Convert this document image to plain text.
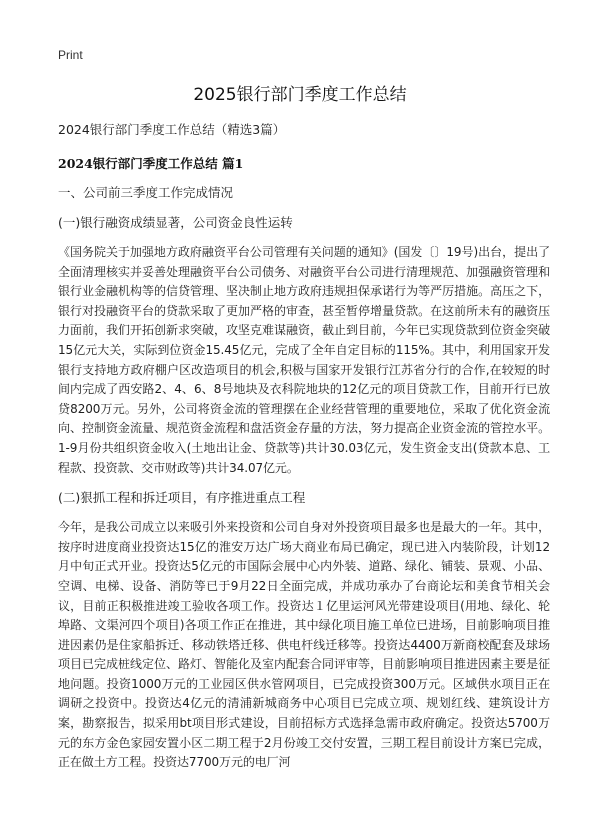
Print
2025银行部门季度工作总结

2024银行部门季度工作总结（精选3篇）

2024银行部门季度工作总结 篇1

一、公司前三季度工作完成情况

(一)银行融资成绩显著，公司资金良性运转

《国务院关于加强地方政府融资平台公司管理有关问题的通知》(国发〔〕19号)出台，提出了全面清理核实并妥善处理融资平台公司债务、对融资平台公司进行清理规范、加强融资管理和银行业金融机构等的信贷管理、坚决制止地方政府违规担保承诺行为等严厉措施。高压之下，银行对投融资平台的贷款采取了更加严格的审查，甚至暂停增量贷款。在这前所未有的融资压力面前，我们开拓创新求突破，攻坚克难谋融资，截止到目前，今年已实现贷款到位资金突破15亿元大关，实际到位资金15.45亿元，完成了全年自定目标的115%。其中，利用国家开发银行支持地方政府棚户区改造项目的机会,积极与国家开发银行江苏省分行的合作,在较短的时间内完成了西安路2、4、6、8号地块及衣科院地块的12亿元的项目贷款工作，目前开行已放贷8200万元。另外，公司将资金流的管理摆在企业经营管理的重要地位，采取了优化资金流向、控制资金流量、规范资金流程和盘活资金存量的方法，努力提高企业资金流的管控水平。1-9月份共组织资金收入(土地出让金、贷款等)共计30.03亿元，发生资金支出(贷款本息、工程款、投资款、交市财政等)共计34.07亿元。

(二)狠抓工程和拆迁项目，有序推进重点工程

今年，是我公司成立以来吸引外来投资和公司自身对外投资项目最多也是最大的一年。其中，按序时进度商业投资达15亿的淮安万达广场大商业布局已确定，现已进入内装阶段，计划12月中旬正式开业。投资达5亿元的市国际会展中心内外装、道路、绿化、铺装、景观、小品、空调、电梯、设备、消防等已于9月22日全面完成，并成功承办了台商论坛和美食节相关会议，目前正积极推进竣工验收各项工作。投资达１亿里运河风光带建设项目(用地、绿化、轮埠路、文渠河四个项目)各项工作正在推进，其中绿化项目施工单位已进场，目前影响项目推进因素仍是住家船拆迁、移动铁塔迁移、供电杆线迁移等。投资达4400万新商校配套及球场项目已完成桩线定位、路灯、智能化及室内配套合同评审等，目前影响项目推进因素主要是征地问题。投资1000万元的工业园区供水管网项目，已完成投资300万元。区域供水项目正在调研之投资中。投资达4亿元的清浦新城商务中心项目已完成立项、规划红线、建筑设计方案，勘察报告，拟采用bt项目形式建设，目前招标方式选择急需市政府确定。投资达5700万元的东方金色家园安置小区二期工程于2月份竣工交付安置，三期工程目前设计方案已完成，正在做土方工程。投资达7700万元的电厂河
